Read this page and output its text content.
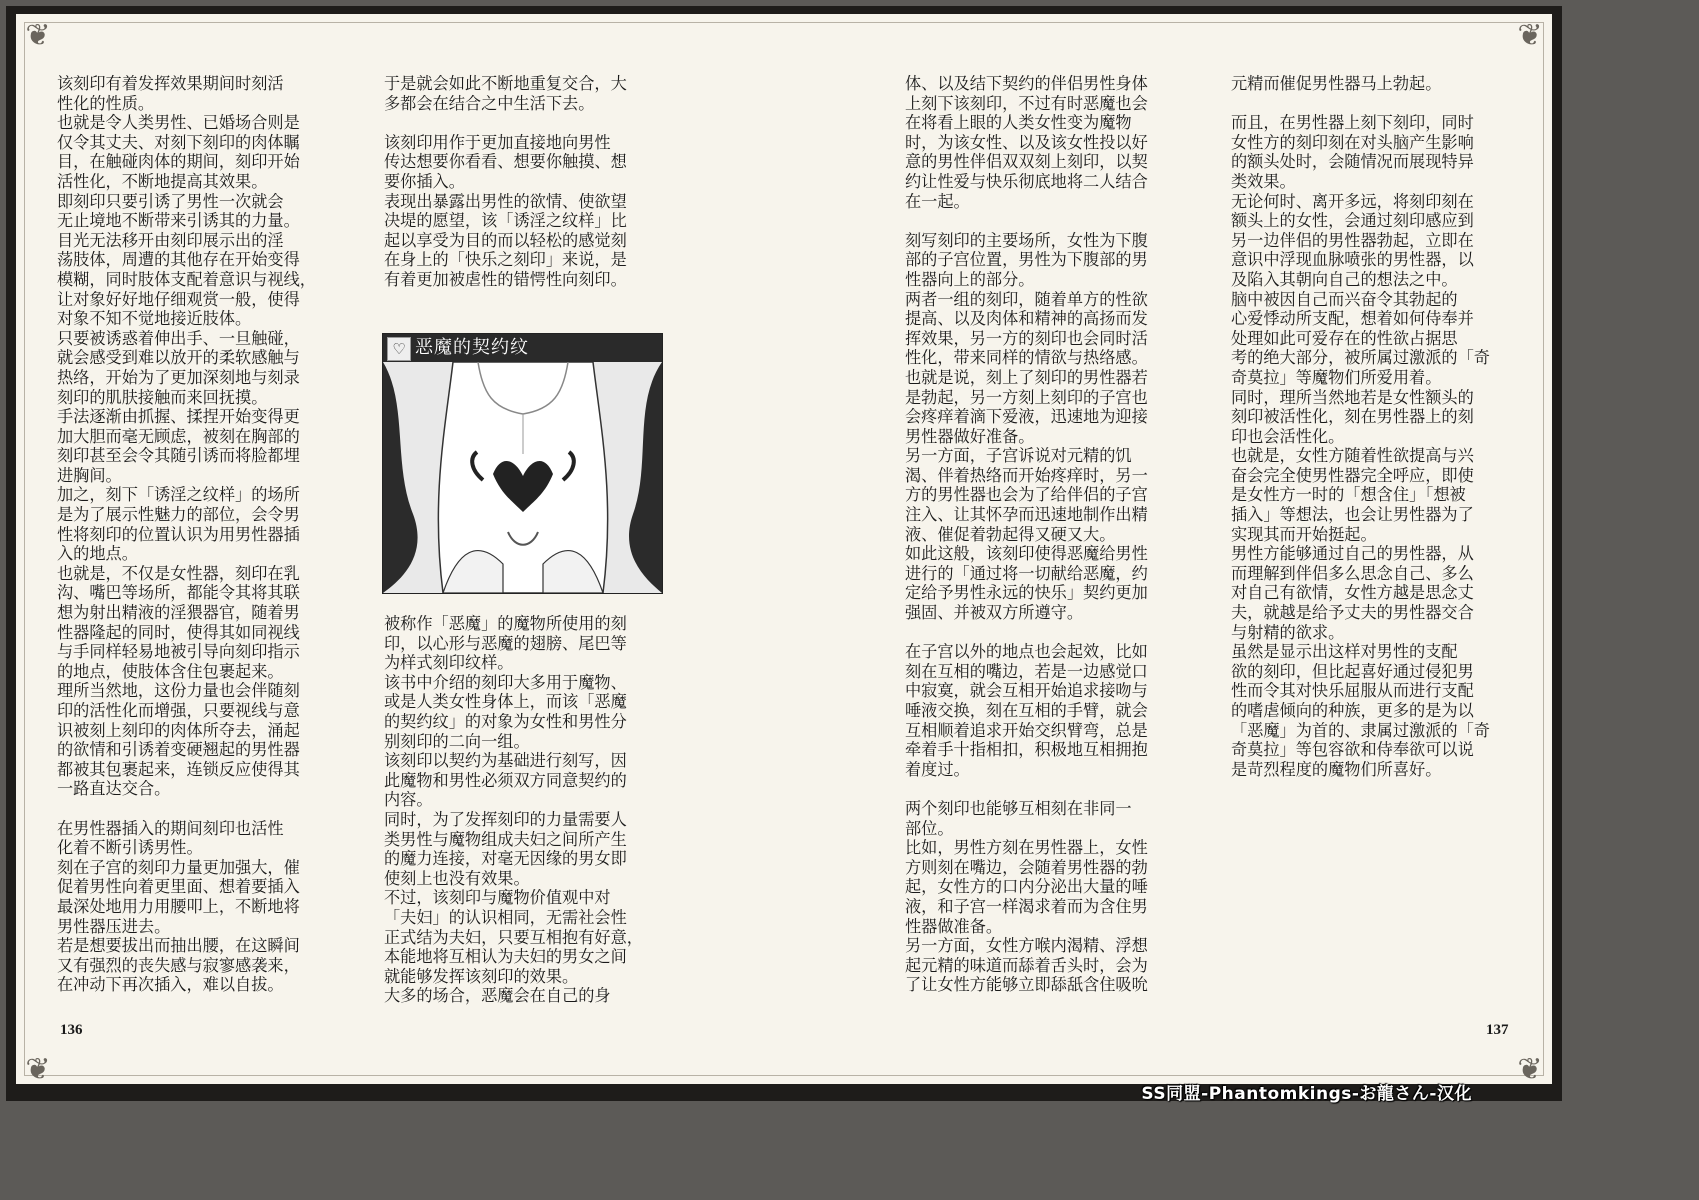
❦	❦
❦	❦

该刻印有着发挥效果期间时刻活

性化的性质。

也就是令人类男性、已婚场合则是

仅令其丈夫、对刻下刻印的肉体瞩

目，在触碰肉体的期间，刻印开始

活性化，不断地提高其效果。

即刻印只要引诱了男性一次就会

无止境地不断带来引诱其的力量。

目光无法移开由刻印展示出的淫

荡肢体，周遭的其他存在开始变得

模糊，同时肢体支配着意识与视线，

让对象好好地仔细观赏一般，使得

对象不知不觉地接近肢体。

只要被诱惑着伸出手、一旦触碰，

就会感受到难以放开的柔软感触与

热络，开始为了更加深刻地与刻录

刻印的肌肤接触而来回抚摸。

手法逐渐由抓握、揉捏开始变得更

加大胆而毫无顾虑，被刻在胸部的

刻印甚至会令其随引诱而将脸都埋

进胸间。

加之，刻下「诱淫之纹样」的场所

是为了展示性魅力的部位，会令男

性将刻印的位置认识为用男性器插

入的地点。

也就是，不仅是女性器，刻印在乳

沟、嘴巴等场所，都能令其将其联

想为射出精液的淫猥器官，随着男

性器隆起的同时，使得其如同视线

与手同样轻易地被引导向刻印指示

的地点，使肢体含住包裹起来。

理所当然地，这份力量也会伴随刻

印的活性化而增强，只要视线与意

识被刻上刻印的肉体所夺去，涌起

的欲情和引诱着变硬翘起的男性器

都被其包裹起来，连锁反应使得其

一路直达交合。

在男性器插入的期间刻印也活性

化着不断引诱男性。

刻在子宫的刻印力量更加强大，催

促着男性向着更里面、想着要插入

最深处地用力用腰叩上，不断地将

男性器压进去。

若是想要拔出而抽出腰，在这瞬间

又有强烈的丧失感与寂寥感袭来，

在冲动下再次插入，难以自拔。

于是就会如此不断地重复交合，大

多都会在结合之中生活下去。

该刻印用作于更加直接地向男性

传达想要你看看、想要你触摸、想

要你插入。

表现出暴露出男性的欲情、使欲望

决堤的愿望，该「诱淫之纹样」比

起以享受为目的而以轻松的感觉刻

在身上的「快乐之刻印」来说，是

有着更加被虐性的错愕性向刻印。

♡ 恶魔的契约纹

被称作「恶魔」的魔物所使用的刻

印，以心形与恶魔的翅膀、尾巴等

为样式刻印纹样。

该书中介绍的刻印大多用于魔物、

或是人类女性身体上，而该「恶魔

的契约纹」的对象为女性和男性分

别刻印的二向一组。

该刻印以契约为基础进行刻写，因

此魔物和男性必须双方同意契约的

内容。

同时，为了发挥刻印的力量需要人

类男性与魔物组成夫妇之间所产生

的魔力连接，对毫无因缘的男女即

使刻上也没有效果。

不过，该刻印与魔物价值观中对

「夫妇」的认识相同，无需社会性

正式结为夫妇，只要互相抱有好意，

本能地将互相认为夫妇的男女之间

就能够发挥该刻印的效果。

大多的场合，恶魔会在自己的身

体、以及结下契约的伴侣男性身体

上刻下该刻印，不过有时恶魔也会

在将看上眼的人类女性变为魔物

时，为该女性、以及该女性投以好

意的男性伴侣双双刻上刻印，以契

约让性爱与快乐彻底地将二人结合

在一起。

刻写刻印的主要场所，女性为下腹

部的子宫位置，男性为下腹部的男

性器向上的部分。

两者一组的刻印，随着单方的性欲

提高、以及肉体和精神的高扬而发

挥效果，另一方的刻印也会同时活

性化，带来同样的情欲与热络感。

也就是说，刻上了刻印的男性器若

是勃起，另一方刻上刻印的子宫也

会疼痒着滴下爱液，迅速地为迎接

男性器做好准备。

另一方面，子宫诉说对元精的饥

渴、伴着热络而开始疼痒时，另一

方的男性器也会为了给伴侣的子宫

注入、让其怀孕而迅速地制作出精

液、催促着勃起得又硬又大。

如此这般，该刻印使得恶魔给男性

进行的「通过将一切献给恶魔，约

定给予男性永远的快乐」契约更加

强固、并被双方所遵守。

在子宫以外的地点也会起效，比如

刻在互相的嘴边，若是一边感觉口

中寂寞，就会互相开始追求接吻与

唾液交换，刻在互相的手臂，就会

互相顺着追求开始交织臂弯，总是

牵着手十指相扣，积极地互相拥抱

着度过。

两个刻印也能够互相刻在非同一

部位。

比如，男性方刻在男性器上，女性

方则刻在嘴边，会随着男性器的勃

起，女性方的口内分泌出大量的唾

液，和子宫一样渴求着而为含住男

性器做准备。

另一方面，女性方喉内渴精、浮想

起元精的味道而舔着舌头时，会为

了让女性方能够立即舔舐含住吸吮

元精而催促男性器马上勃起。

而且，在男性器上刻下刻印，同时

女性方的刻印刻在对头脑产生影响

的额头处时，会随情况而展现特异

类效果。

无论何时、离开多远，将刻印刻在

额头上的女性，会通过刻印感应到

另一边伴侣的男性器勃起，立即在

意识中浮现血脉喷张的男性器，以

及陷入其朝向自己的想法之中。

脑中被因自己而兴奋令其勃起的

心爱悸动所支配，想着如何侍奉并

处理如此可爱存在的性欲占据思

考的绝大部分，被所属过激派的「奇

奇莫拉」等魔物们所爱用着。

同时，理所当然地若是女性额头的

刻印被活性化，刻在男性器上的刻

印也会活性化。

也就是，女性方随着性欲提高与兴

奋会完全使男性器完全呼应，即使

是女性方一时的「想含住」「想被

插入」等想法，也会让男性器为了

实现其而开始挺起。

男性方能够通过自己的男性器，从

而理解到伴侣多么思念自己、多么

对自己有欲情，女性方越是思念丈

夫，就越是给予丈夫的男性器交合

与射精的欲求。

虽然是显示出这样对男性的支配

欲的刻印，但比起喜好通过侵犯男

性而令其对快乐屈服从而进行支配

的嗜虐倾向的种族，更多的是为以

「恶魔」为首的、隶属过激派的「奇

奇莫拉」等包容欲和侍奉欲可以说

是苛烈程度的魔物们所喜好。

136	137
SS同盟-Phantomkings-お龍さん-汉化
